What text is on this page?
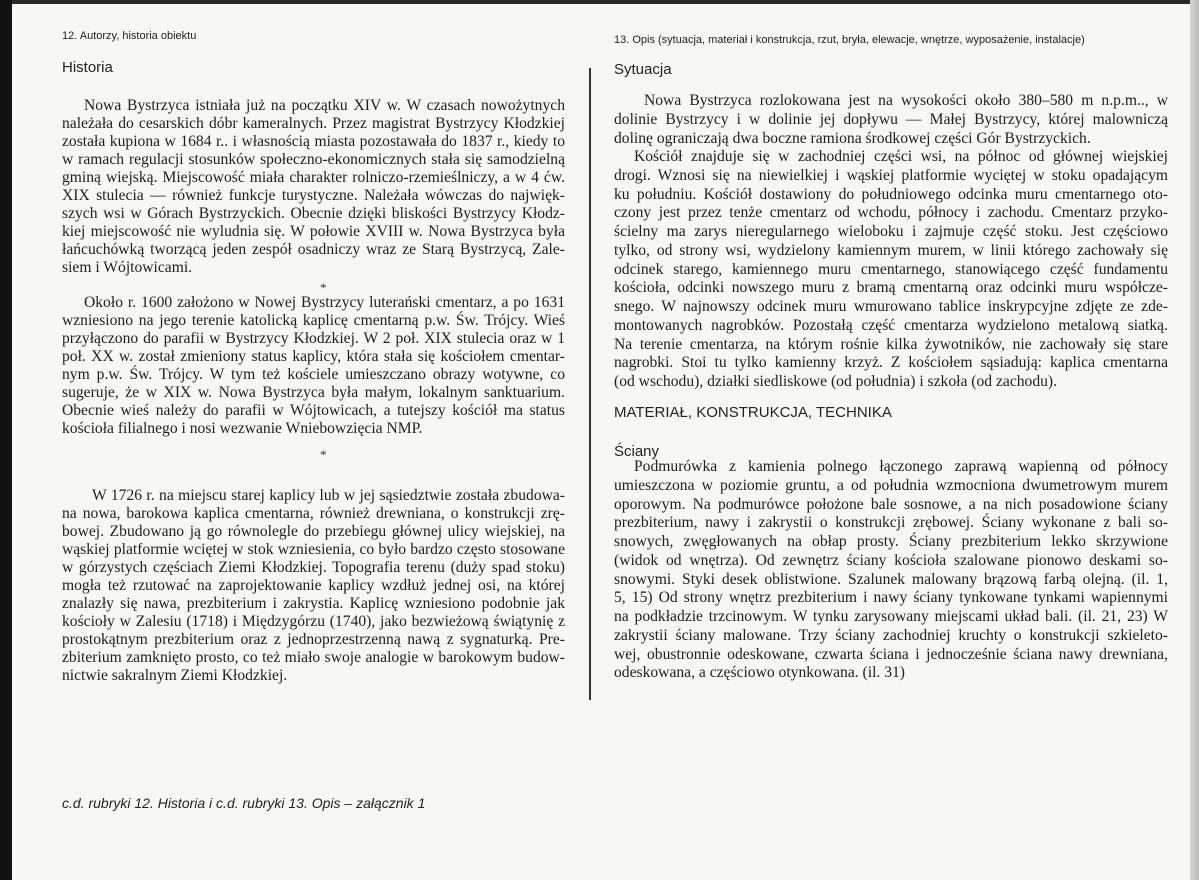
12. Autorzy, historia obiektu
Historia
Nowa Bystrzyca istniała już na początku XIV w. W czasach nowożytnych
należała do cesarskich dóbr kameralnych. Przez magistrat Bystrzycy Kłodzkiej
została kupiona w 1684 r.. i własnością miasta pozostawała do 1837 r., kiedy to
w ramach regulacji stosunków społeczno-ekonomicznych stała się samodzielną
gminą wiejską. Miejscowość miała charakter rolniczo-rzemieślniczy, a w 4 ćw.
XIX stulecia — również funkcje turystyczne. Należała wówczas do najwięk-
szych wsi w Górach Bystrzyckich. Obecnie dzięki bliskości Bystrzycy Kłodz-
kiej miejscowość nie wyludnia się. W połowie XVIII w. Nowa Bystrzyca była
łańcuchówką tworzącą jeden zespół osadniczy wraz ze Starą Bystrzycą, Zale-
siem i Wójtowicami.
*
Około r. 1600 założono w Nowej Bystrzycy luterański cmentarz, a po 1631
wzniesiono na jego terenie katolicką kaplicę cmentarną p.w. Św. Trójcy. Wieś
przyłączono do parafii w Bystrzycy Kłodzkiej. W 2 poł. XIX stulecia oraz w 1
poł. XX w. został zmieniony status kaplicy, która stała się kościołem cmentar-
nym p.w. Św. Trójcy. W tym też kościele umieszczano obrazy wotywne, co
sugeruje, że w XIX w. Nowa Bystrzyca była małym, lokalnym sanktuarium.
Obecnie wieś należy do parafii w Wójtowicach, a tutejszy kościół ma status
kościoła filialnego i nosi wezwanie Wniebowzięcia NMP.
*
W 1726 r. na miejscu starej kaplicy lub w jej sąsiedztwie została zbudowa-
na nowa, barokowa kaplica cmentarna, również drewniana, o konstrukcji zrę-
bowej. Zbudowano ją go równolegle do przebiegu głównej ulicy wiejskiej, na
wąskiej platformie wciętej w stok wzniesienia, co było bardzo często stosowane
w górzystych częściach Ziemi Kłodzkiej. Topografia terenu (duży spad stoku)
mogła też rzutować na zaprojektowanie kaplicy wzdłuż jednej osi, na której
znalazły się nawa, prezbiterium i zakrystia. Kaplicę wzniesiono podobnie jak
kościoły w Zalesiu (1718) i Międzygórzu (1740), jako bezwieżową świątynię z
prostokątnym prezbiterium oraz z jednoprzestrzenną nawą z sygnaturką. Pre-
zbiterium zamknięto prosto, co też miało swoje analogie w barokowym budow-
nictwie sakralnym Ziemi Kłodzkiej.
c.d. rubryki 12. Historia i c.d. rubryki 13. Opis – załącznik 1
13. Opis (sytuacja, materiał i konstrukcja, rzut, bryła, elewacje, wnętrze, wyposażenie, instalacje)
Sytuacja
Nowa Bystrzyca rozlokowana jest na wysokości około 380–580 m n.p.m.., w
dolinie Bystrzycy i w dolinie jej dopływu — Małej Bystrzycy, której malowniczą
dolinę ograniczają dwa boczne ramiona środkowej części Gór Bystrzyckich.
Kościół znajduje się w zachodniej części wsi, na północ od głównej wiejskiej
drogi. Wznosi się na niewielkiej i wąskiej platformie wyciętej w stoku opadającym
ku południu. Kościół dostawiony do południowego odcinka muru cmentarnego oto-
czony jest przez tenże cmentarz od wchodu, północy i zachodu. Cmentarz przyko-
ścielny ma zarys nieregularnego wieloboku i zajmuje część stoku. Jest częściowo
tylko, od strony wsi, wydzielony kamiennym murem, w linii którego zachowały się
odcinek starego, kamiennego muru cmentarnego, stanowiącego część fundamentu
kościoła, odcinki nowszego muru z bramą cmentarną oraz odcinki muru współcze-
snego. W najnowszy odcinek muru wmurowano tablice inskrypcyjne zdjęte ze zde-
montowanych nagrobków. Pozostałą część cmentarza wydzielono metalową siatką.
Na terenie cmentarza, na którym rośnie kilka żywotników, nie zachowały się stare
nagrobki. Stoi tu tylko kamienny krzyż. Z kościołem sąsiadują: kaplica cmentarna
(od wschodu), działki siedliskowe (od południa) i szkoła (od zachodu).
MATERIAŁ, KONSTRUKCJA, TECHNIKA
Ściany
Podmurówka z kamienia polnego łączonego zaprawą wapienną od północy
umieszczona w poziomie gruntu, a od południa wzmocniona dwumetrowym murem
oporowym. Na podmurówce położone bale sosnowe, a na nich posadowione ściany
prezbiterium, nawy i zakrystii o konstrukcji zrębowej. Ściany wykonane z bali so-
snowych, zwęgłowanych na obłap prosty. Ściany prezbiterium lekko skrzywione
(widok od wnętrza). Od zewnętrz ściany kościoła szalowane pionowo deskami so-
snowymi. Styki desek oblistwione. Szalunek malowany brązową farbą olejną. (il. 1,
5, 15) Od strony wnętrz prezbiterium i nawy ściany tynkowane tynkami wapiennymi
na podkładzie trzcinowym. W tynku zarysowany miejscami układ bali. (il. 21, 23) W
zakrystii ściany malowane. Trzy ściany zachodniej kruchty o konstrukcji szkieleto-
wej, obustronnie odeskowane, czwarta ściana i jednocześnie ściana nawy drewniana,
odeskowana, a częściowo otynkowana. (il. 31)
